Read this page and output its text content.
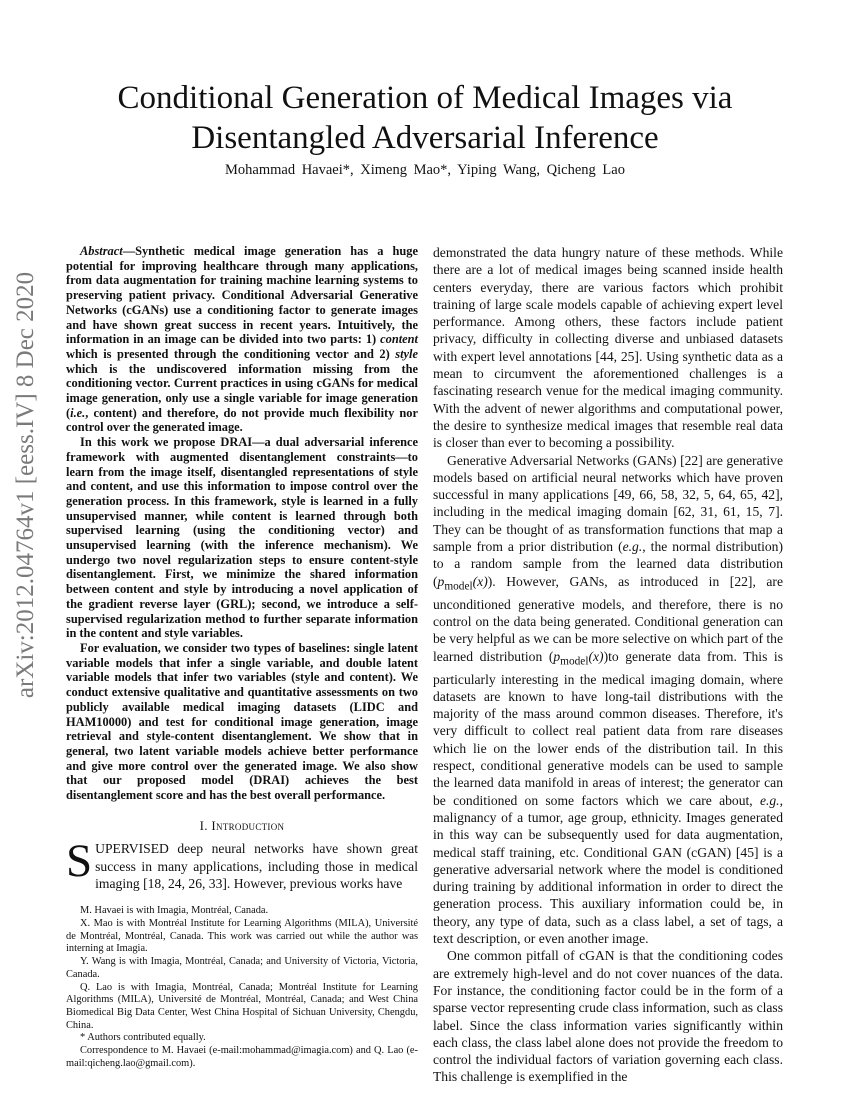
arXiv:2012.04764v1 [eess.IV] 8 Dec 2020
Conditional Generation of Medical Images via
Disentangled Adversarial Inference
Mohammad Havaei*, Ximeng Mao*, Yiping Wang, Qicheng Lao

Abstract—Synthetic medical image generation has a huge potential for improving healthcare through many applications, from data augmentation for training machine learning systems to preserving patient privacy. Conditional Adversarial Generative Networks (cGANs) use a conditioning factor to generate images and have shown great success in recent years. Intuitively, the information in an image can be divided into two parts: 1) content which is presented through the conditioning vector and 2) style which is the undiscovered information missing from the conditioning vector. Current practices in using cGANs for medical image generation, only use a single variable for image generation (i.e., content) and therefore, do not provide much flexibility nor control over the generated image.

In this work we propose DRAI—a dual adversarial inference framework with augmented disentanglement constraints—to learn from the image itself, disentangled representations of style and content, and use this information to impose control over the generation process. In this framework, style is learned in a fully unsupervised manner, while content is learned through both supervised learning (using the conditioning vector) and unsupervised learning (with the inference mechanism). We undergo two novel regularization steps to ensure content-style disentanglement. First, we minimize the shared information between content and style by introducing a novel application of the gradient reverse layer (GRL); second, we introduce a self-supervised regularization method to further separate information in the content and style variables.

For evaluation, we consider two types of baselines: single latent variable models that infer a single variable, and double latent variable models that infer two variables (style and content). We conduct extensive qualitative and quantitative assessments on two publicly available medical imaging datasets (LIDC and HAM10000) and test for conditional image generation, image retrieval and style-content disentanglement. We show that in general, two latent variable models achieve better performance and give more control over the generated image. We also show that our proposed model (DRAI) achieves the best disentanglement score and has the best overall performance.

I. Introduction

SUPERVISED deep neural networks have shown great success in many applications, including those in medical imaging [18, 24, 26, 33]. However, previous works have

M. Havaei is with Imagia, Montréal, Canada.

X. Mao is with Montréal Institute for Learning Algorithms (MILA), Université de Montréal, Montréal, Canada. This work was carried out while the author was interning at Imagia.

Y. Wang is with Imagia, Montréal, Canada; and University of Victoria, Victoria, Canada.

Q. Lao is with Imagia, Montréal, Canada; Montréal Institute for Learning Algorithms (MILA), Université de Montréal, Montréal, Canada; and West China Biomedical Big Data Center, West China Hospital of Sichuan University, Chengdu, China.

* Authors contributed equally.

Correspondence to M. Havaei (e-mail:mohammad@imagia.com) and Q. Lao (e-mail:qicheng.lao@gmail.com).

demonstrated the data hungry nature of these methods. While there are a lot of medical images being scanned inside health centers everyday, there are various factors which prohibit training of large scale models capable of achieving expert level performance. Among others, these factors include patient privacy, difficulty in collecting diverse and unbiased datasets with expert level annotations [44, 25]. Using synthetic data as a mean to circumvent the aforementioned challenges is a fascinating research venue for the medical imaging community. With the advent of newer algorithms and computational power, the desire to synthesize medical images that resemble real data is closer than ever to becoming a possibility.

Generative Adversarial Networks (GANs) [22] are generative models based on artificial neural networks which have proven successful in many applications [49, 66, 58, 32, 5, 64, 65, 42], including in the medical imaging domain [62, 31, 61, 15, 7]. They can be thought of as transformation functions that map a sample from a prior distribution (e.g., the normal distribution) to a random sample from the learned data distribution $(p_{model}(x))$. However, GANs, as introduced in [22], are unconditioned generative models, and therefore, there is no control on the data being generated. Conditional generation can be very helpful as we can be more selective on which part of the learned distribution $(p_{model}(x))to$ generate data from. This is particularly interesting in the medical imaging domain, where datasets are known to have long-tail distributions with the majority of the mass around common diseases. Therefore, it's very difficult to collect real patient data from rare diseases which lie on the lower ends of the distribution tail. In this respect, conditional generative models can be used to sample the learned data manifold in areas of interest; the generator can be conditioned on some factors which we care about, e.g., malignancy of a tumor, age group, ethnicity. Images generated in this way can be subsequently used for data augmentation, medical staff training, etc. Conditional GAN (cGAN) [45] is a generative adversarial network where the model is conditioned during training by additional information in order to direct the generation process. This auxiliary information could be, in theory, any type of data, such as a class label, a set of tags, a text description, or even another image.

One common pitfall of cGAN is that the conditioning codes are extremely high-level and do not cover nuances of the data. For instance, the conditioning factor could be in the form of a sparse vector representing crude class information, such as class label. Since the class information varies significantly within each class, the class label alone does not provide the freedom to control the individual factors of variation governing each class. This challenge is exemplified in the
